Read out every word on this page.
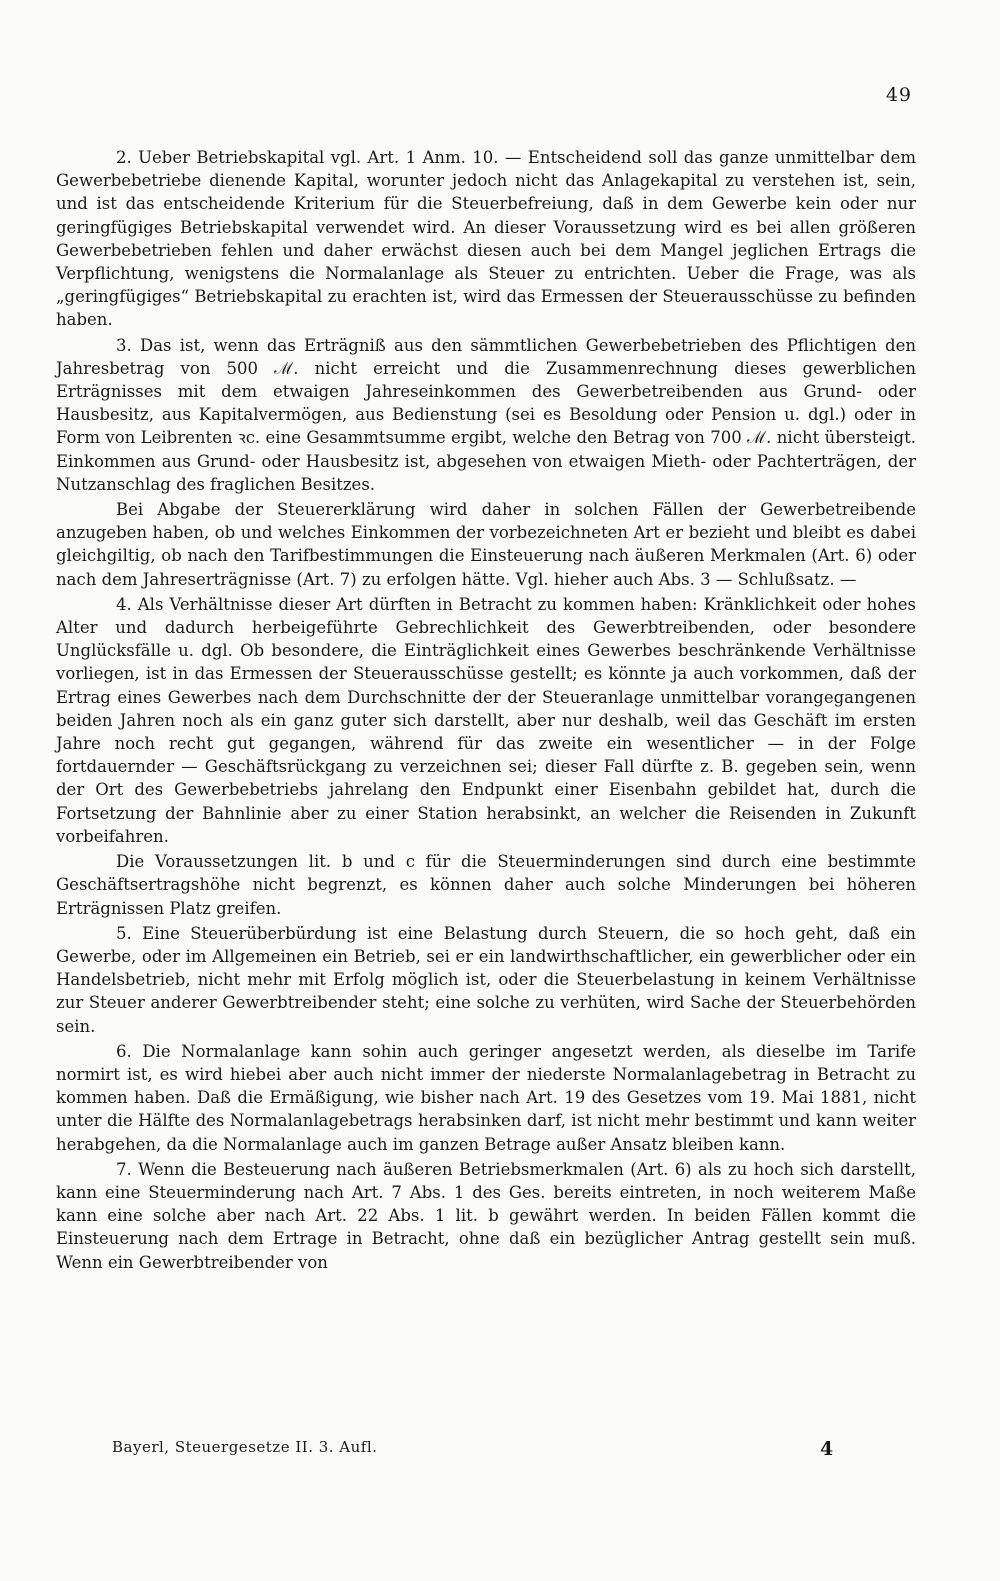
49

2. Ueber Betriebskapital vgl. Art. 1 Anm. 10. — Entscheidend soll das ganze unmittelbar dem Gewerbebetriebe dienende Kapital, worunter jedoch nicht das Anlagekapital zu verstehen ist, sein, und ist das entscheidende Kriterium für die Steuerbefreiung, daß in dem Gewerbe kein oder nur geringfügiges Betriebskapital verwendet wird. An dieser Voraussetzung wird es bei allen größeren Gewerbebetrieben fehlen und daher erwächst diesen auch bei dem Mangel jeglichen Ertrags die Verpflichtung, wenigstens die Normalanlage als Steuer zu entrichten. Ueber die Frage, was als „geringfügiges“ Betriebskapital zu erachten ist, wird das Ermessen der Steuerausschüsse zu befinden haben.

3. Das ist, wenn das Erträgniß aus den sämmtlichen Gewerbebetrieben des Pflichtigen den Jahresbetrag von 500 ℳ. nicht erreicht und die Zusammenrechnung dieses gewerblichen Erträgnisses mit dem etwaigen Jahreseinkommen des Gewerbetreibenden aus Grund- oder Hausbesitz, aus Kapitalvermögen, aus Bedienstung (sei es Besoldung oder Pension u. dgl.) oder in Form von Leibrenten ꝛc. eine Gesammtsumme ergibt, welche den Betrag von 700 ℳ. nicht übersteigt. Einkommen aus Grund- oder Hausbesitz ist, abgesehen von etwaigen Mieth- oder Pachterträgen, der Nutzanschlag des fraglichen Besitzes.

Bei Abgabe der Steuererklärung wird daher in solchen Fällen der Gewerbetreibende anzugeben haben, ob und welches Einkommen der vorbezeichneten Art er bezieht und bleibt es dabei gleichgiltig, ob nach den Tarifbestimmungen die Einsteuerung nach äußeren Merkmalen (Art. 6) oder nach dem Jahreserträgnisse (Art. 7) zu erfolgen hätte. Vgl. hieher auch Abs. 3 — Schlußsatz. —

4. Als Verhältnisse dieser Art dürften in Betracht zu kommen haben: Kränklichkeit oder hohes Alter und dadurch herbeigeführte Gebrechlichkeit des Gewerbtreibenden, oder besondere Unglücksfälle u. dgl. Ob besondere, die Einträglichkeit eines Gewerbes beschränkende Verhältnisse vorliegen, ist in das Ermessen der Steuerausschüsse gestellt; es könnte ja auch vorkommen, daß der Ertrag eines Gewerbes nach dem Durchschnitte der der Steueranlage unmittelbar vorangegangenen beiden Jahren noch als ein ganz guter sich darstellt, aber nur deshalb, weil das Geschäft im ersten Jahre noch recht gut gegangen, während für das zweite ein wesentlicher — in der Folge fortdauernder — Geschäftsrückgang zu verzeichnen sei; dieser Fall dürfte z. B. gegeben sein, wenn der Ort des Gewerbebetriebs jahrelang den Endpunkt einer Eisenbahn gebildet hat, durch die Fortsetzung der Bahnlinie aber zu einer Station herabsinkt, an welcher die Reisenden in Zukunft vorbeifahren.

Die Voraussetzungen lit. b und c für die Steuerminderungen sind durch eine bestimmte Geschäftsertragshöhe nicht begrenzt, es können daher auch solche Minderungen bei höheren Erträgnissen Platz greifen.

5. Eine Steuerüberbürdung ist eine Belastung durch Steuern, die so hoch geht, daß ein Gewerbe, oder im Allgemeinen ein Betrieb, sei er ein landwirthschaftlicher, ein gewerblicher oder ein Handelsbetrieb, nicht mehr mit Erfolg möglich ist, oder die Steuerbelastung in keinem Verhältnisse zur Steuer anderer Gewerbtreibender steht; eine solche zu verhüten, wird Sache der Steuerbehörden sein.

6. Die Normalanlage kann sohin auch geringer angesetzt werden, als dieselbe im Tarife normirt ist, es wird hiebei aber auch nicht immer der niederste Normalanlagebetrag in Betracht zu kommen haben. Daß die Ermäßigung, wie bisher nach Art. 19 des Gesetzes vom 19. Mai 1881, nicht unter die Hälfte des Normalanlagebetrags herabsinken darf, ist nicht mehr bestimmt und kann weiter herabgehen, da die Normalanlage auch im ganzen Betrage außer Ansatz bleiben kann.

7. Wenn die Besteuerung nach äußeren Betriebsmerkmalen (Art. 6) als zu hoch sich darstellt, kann eine Steuerminderung nach Art. 7 Abs. 1 des Ges. bereits eintreten, in noch weiterem Maße kann eine solche aber nach Art. 22 Abs. 1 lit. b gewährt werden. In beiden Fällen kommt die Einsteuerung nach dem Ertrage in Betracht, ohne daß ein bezüglicher Antrag gestellt sein muß. Wenn ein Gewerbtreibender von

Bayerl, Steuergesetze II. 3. Aufl.	4
